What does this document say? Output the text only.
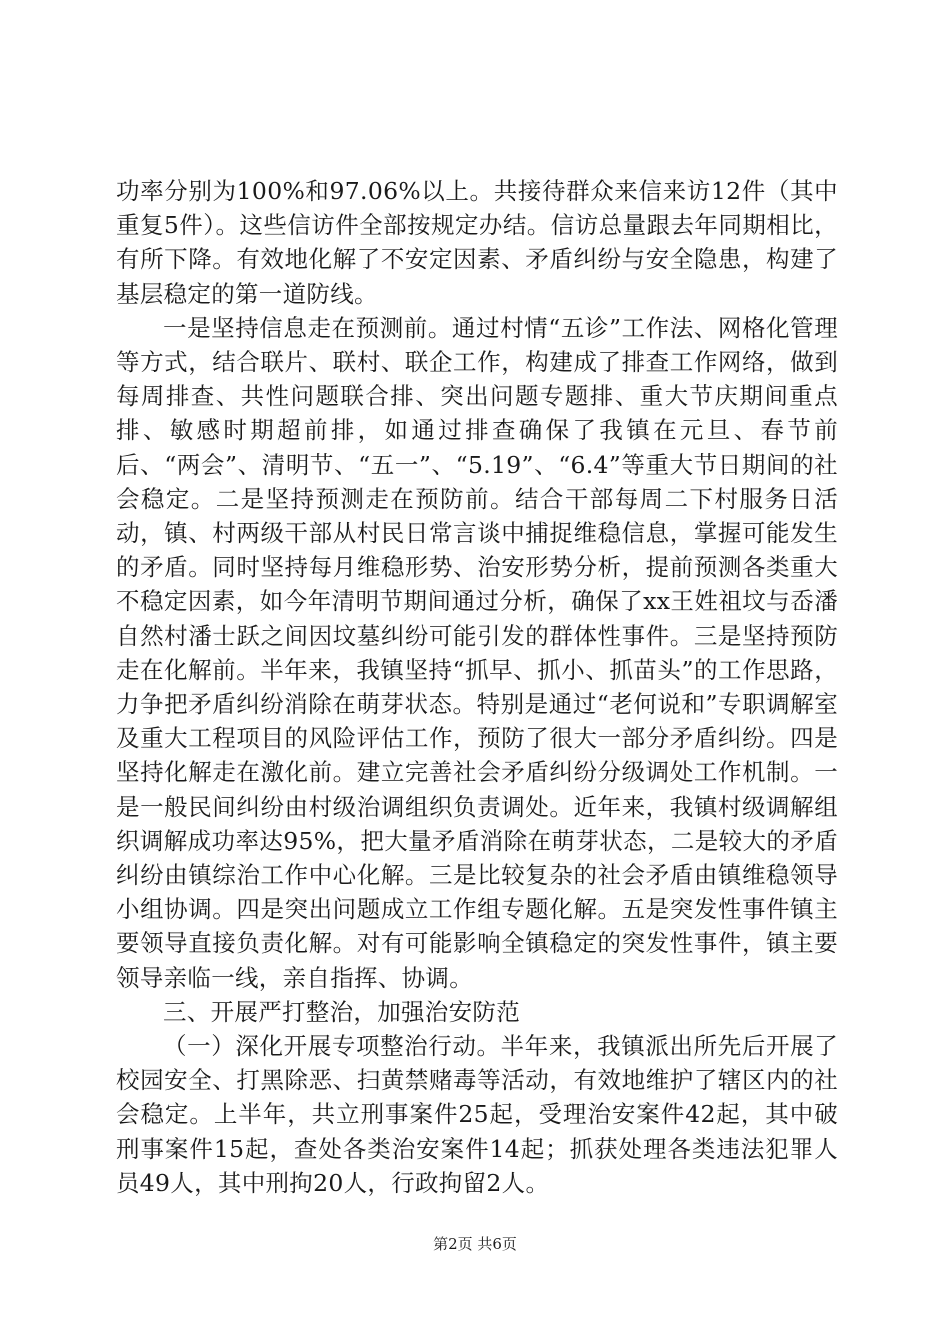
功率分别为100%和97.06%以上。共接待群众来信来访12件（其中重复5件）。这些信访件全部按规定办结。信访总量跟去年同期相比，有所下降。有效地化解了不安定因素、矛盾纠纷与安全隐患，构建了基层稳定的第一道防线。

一是坚持信息走在预测前。通过村情“五诊”工作法、网格化管理等方式，结合联片、联村、联企工作，构建成了排查工作网络，做到每周排查、共性问题联合排、突出问题专题排、重大节庆期间重点排、敏感时期超前排，如通过排查确保了我镇在元旦、春节前后、“两会”、清明节、“五一”、“5.19”、“6.4”等重大节日期间的社会稳定。二是坚持预测走在预防前。结合干部每周二下村服务日活动，镇、村两级干部从村民日常言谈中捕捉维稳信息，掌握可能发生的矛盾。同时坚持每月维稳形势、治安形势分析，提前预测各类重大不稳定因素，如今年清明节期间通过分析，确保了xx王姓祖坟与岙潘自然村潘士跃之间因坟墓纠纷可能引发的群体性事件。三是坚持预防走在化解前。半年来，我镇坚持“抓早、抓小、抓苗头”的工作思路，力争把矛盾纠纷消除在萌芽状态。特别是通过“老何说和”专职调解室及重大工程项目的风险评估工作，预防了很大一部分矛盾纠纷。四是坚持化解走在激化前。建立完善社会矛盾纠纷分级调处工作机制。一是一般民间纠纷由村级治调组织负责调处。近年来，我镇村级调解组织调解成功率达95%，把大量矛盾消除在萌芽状态，二是较大的矛盾纠纷由镇综治工作中心化解。三是比较复杂的社会矛盾由镇维稳领导小组协调。四是突出问题成立工作组专题化解。五是突发性事件镇主要领导直接负责化解。对有可能影响全镇稳定的突发性事件，镇主要领导亲临一线，亲自指挥、协调。

三、开展严打整治，加强治安防范

（一）深化开展专项整治行动。半年来，我镇派出所先后开展了校园安全、打黑除恶、扫黄禁赌毒等活动，有效地维护了辖区内的社会稳定。上半年，共立刑事案件25起，受理治安案件42起，其中破刑事案件15起，查处各类治安案件14起；抓获处理各类违法犯罪人员49人，其中刑拘20人，行政拘留2人。

第2页 共6页
